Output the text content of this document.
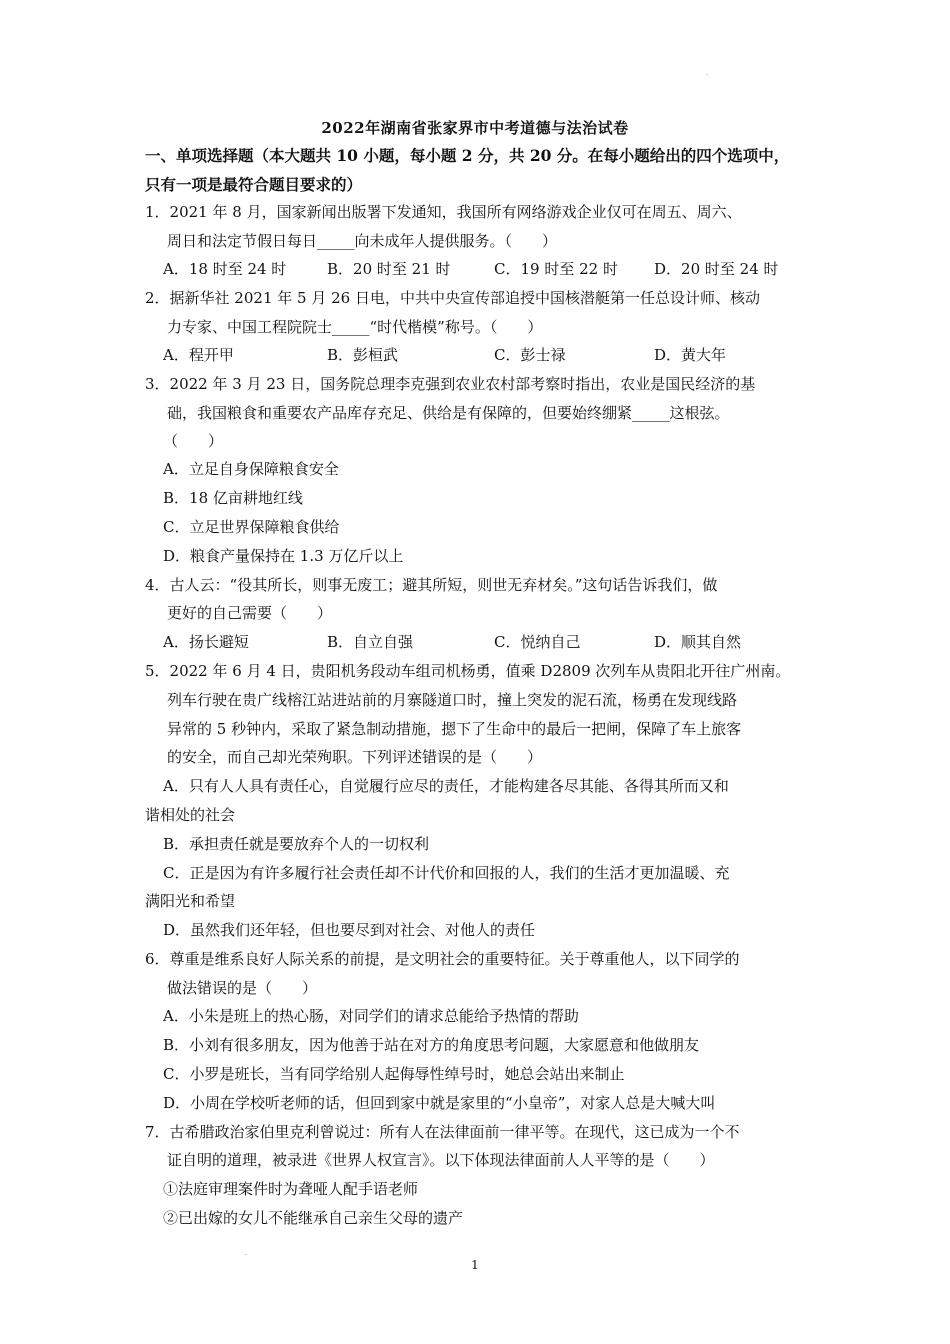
.
2022年湖南省张家界市中考道德与法治试卷
一、单项选择题（本大题共 10 小题，每小题 2 分，共 20 分。在每小题给出的四个选项中，
只有一项是最符合题目要求的）
1．2021 年 8 月，国家新闻出版署下发通知，我国所有网络游戏企业仅可在周五、周六、
周日和法定节假日每日_____向未成年人提供服务。（　　）
A．18 时至 24 时	B．20 时至 21 时	C．19 时至 22 时 D．20 时至 24 时
2．据新华社 2021 年 5 月 26 日电，中共中央宣传部追授中国核潜艇第一任总设计师、核动
力专家、中国工程院院士_____“时代楷模”称号。（　　）
A．程开甲	B．彭桓武	C．彭士禄	D．黄大年
3．2022 年 3 月 23 日，国务院总理李克强到农业农村部考察时指出，农业是国民经济的基
础，我国粮食和重要农产品库存充足、供给是有保障的，但要始终绷紧_____这根弦。
（　　）
A．立足自身保障粮食安全
B．18 亿亩耕地红线
C．立足世界保障粮食供给
D．粮食产量保持在 1.3 万亿斤以上
4．古人云：“役其所长，则事无废工；避其所短，则世无弃材矣。”这句话告诉我们，做
更好的自己需要（　　）
A．扬长避短	B．自立自强	C．悦纳自己	D．顺其自然
5．2022 年 6 月 4 日，贵阳机务段动车组司机杨勇，值乘 D2809 次列车从贵阳北开往广州南。
列车行驶在贵广线榕江站进站前的月寨隧道口时，撞上突发的泥石流，杨勇在发现线路
异常的 5 秒钟内，采取了紧急制动措施，摁下了生命中的最后一把闸，保障了车上旅客
的安全，而自己却光荣殉职。下列评述错误的是（　　）
A．只有人人具有责任心，自觉履行应尽的责任，才能构建各尽其能、各得其所而又和
谐相处的社会
B．承担责任就是要放弃个人的一切权利
C．正是因为有许多履行社会责任却不计代价和回报的人，我们的生活才更加温暖、充
满阳光和希望
D．虽然我们还年轻，但也要尽到对社会、对他人的责任
6．尊重是维系良好人际关系的前提，是文明社会的重要特征。关于尊重他人，以下同学的
做法错误的是（　　）
A．小朱是班上的热心肠，对同学们的请求总能给予热情的帮助
B．小刘有很多朋友，因为他善于站在对方的角度思考问题，大家愿意和他做朋友
C．小罗是班长，当有同学给别人起侮辱性绰号时，她总会站出来制止
D．小周在学校听老师的话，但回到家中就是家里的“小皇帝”，对家人总是大喊大叫
7．古希腊政治家伯里克利曾说过：所有人在法律面前一律平等。在现代，这已成为一个不
证自明的道理，被录进《世界人权宣言》。以下体现法律面前人人平等的是（　　）
①法庭审理案件时为聋哑人配手语老师
②已出嫁的女儿不能继承自己亲生父母的遗产
.
1
